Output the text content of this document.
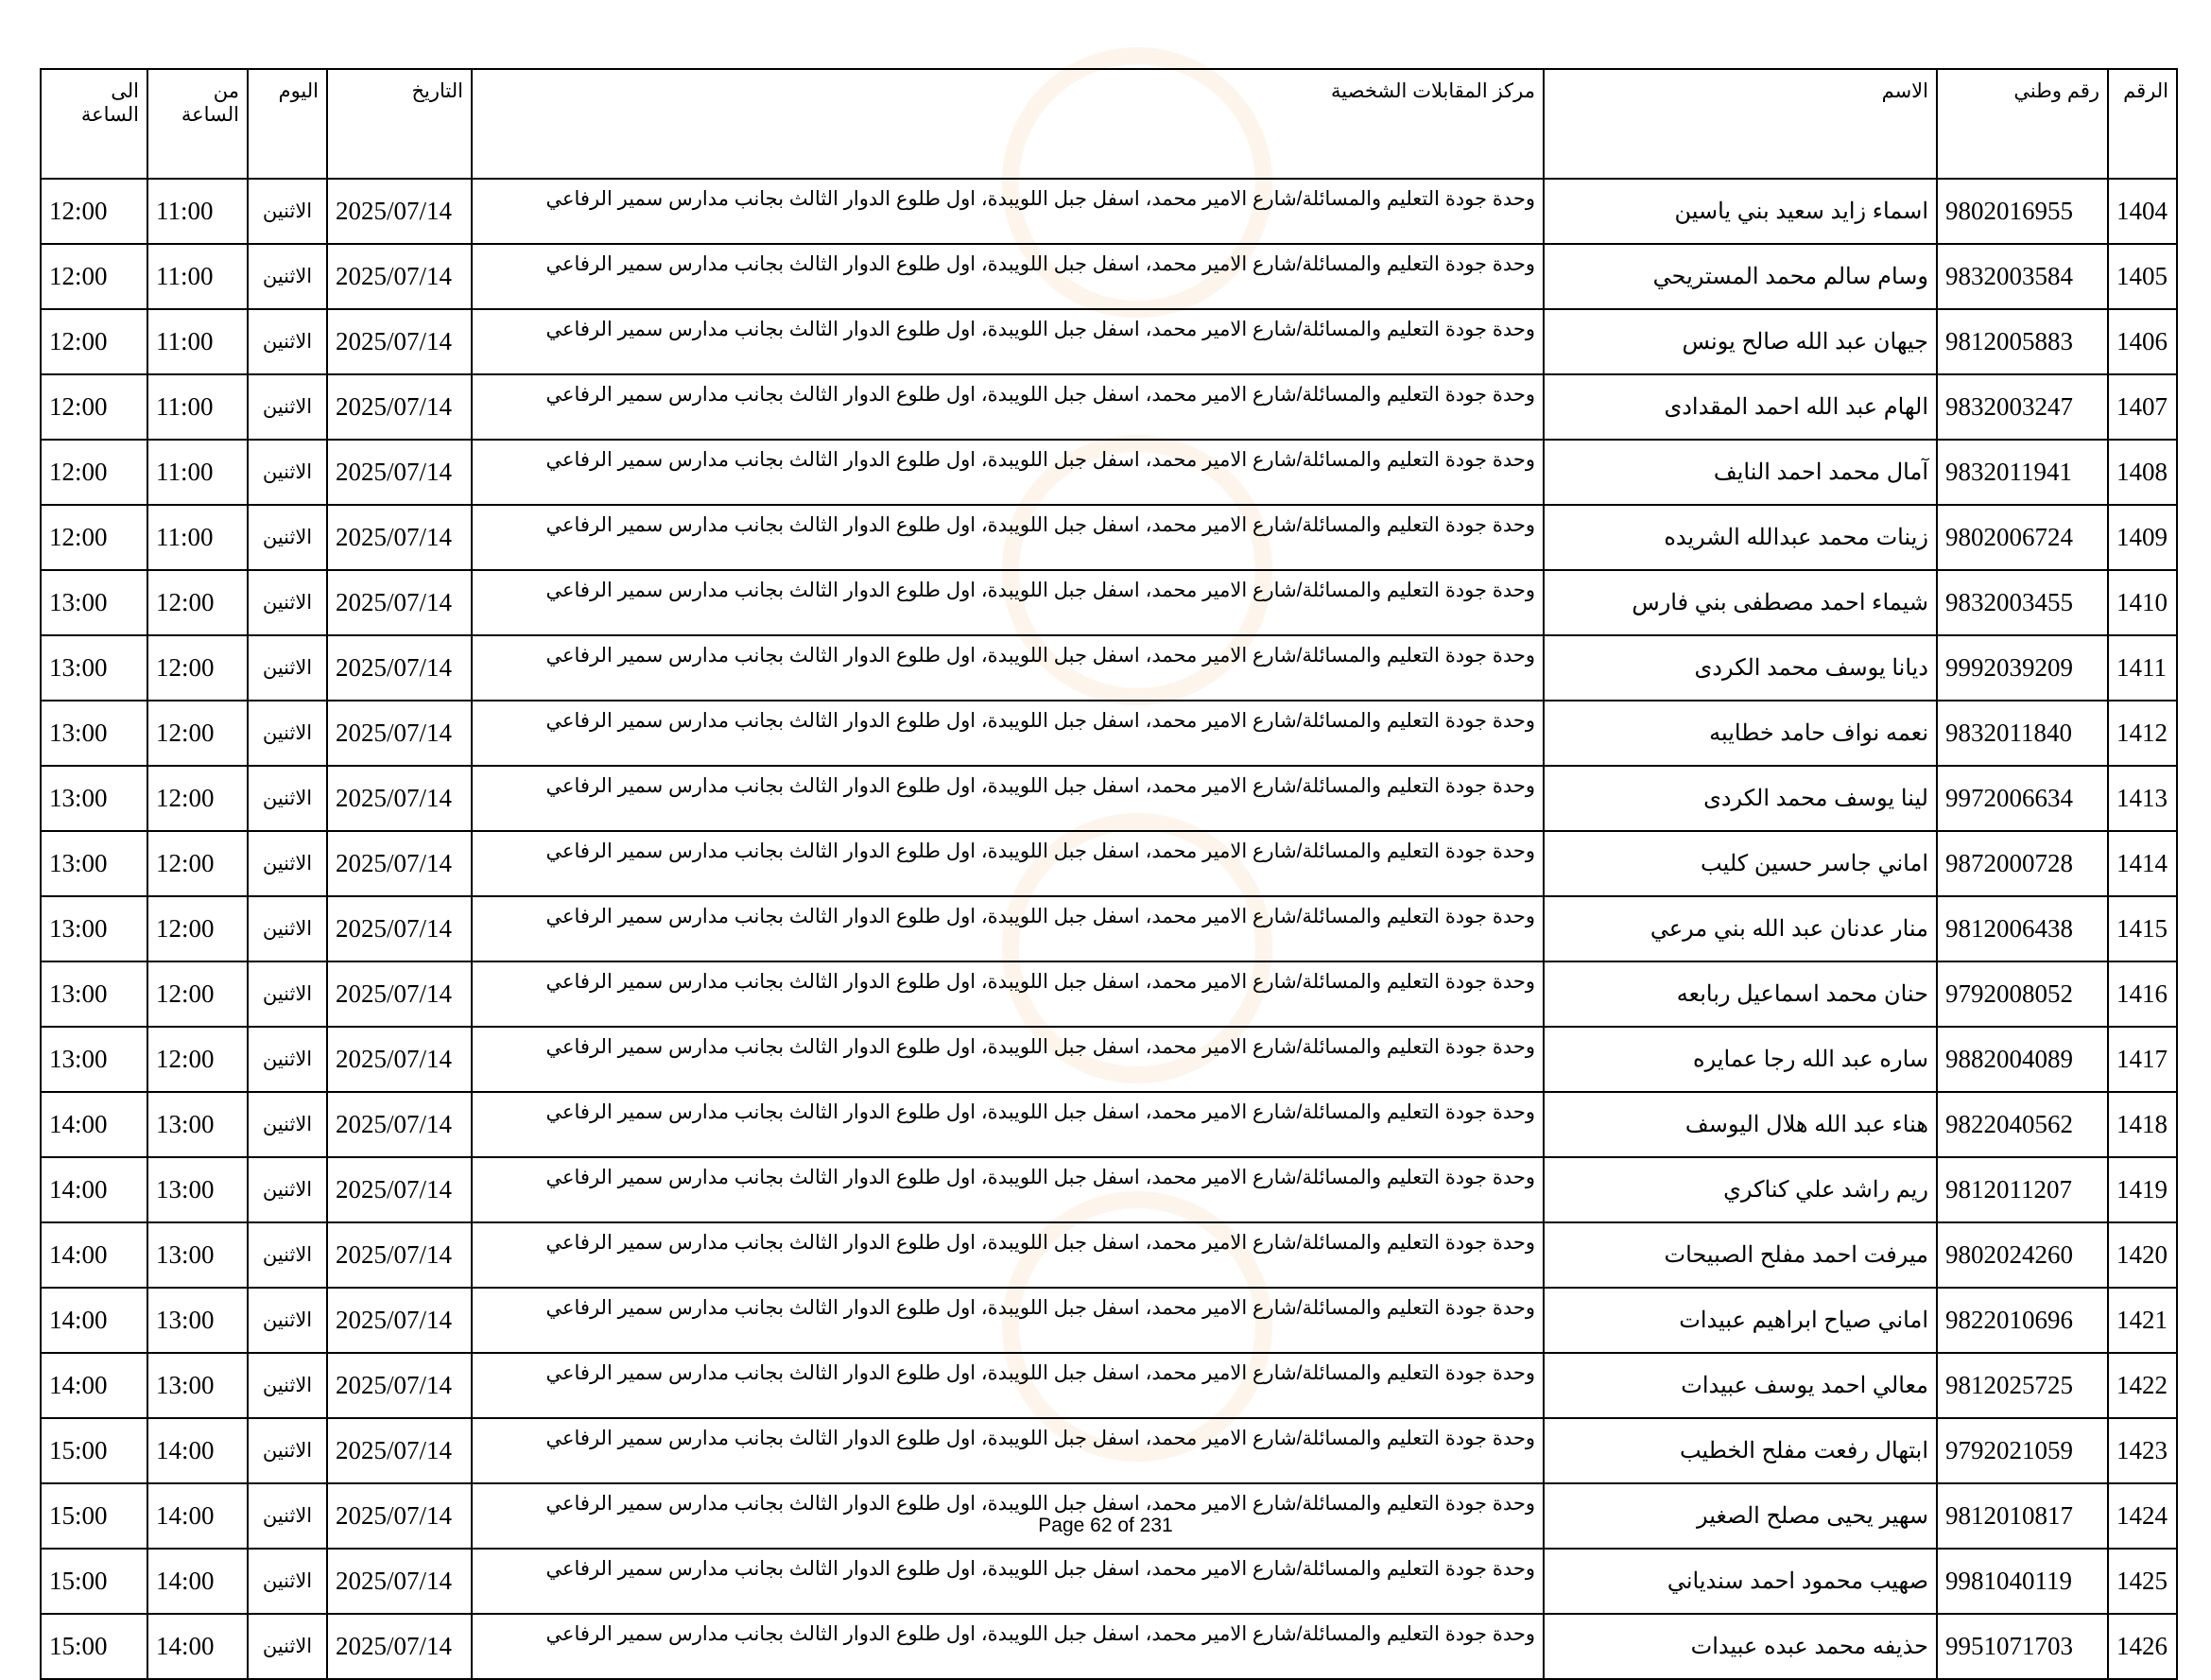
الرقم	رقم وطني	الاسم	مركز المقابلات الشخصية	التاريخ	اليوم	من الساعة	الى الساعة
1404	9802016955	اسماء زايد سعيد بني ياسين	وحدة جودة التعليم والمسائلة/شارع الامير محمد، اسفل جبل اللويبدة، اول طلوع الدوار الثالث بجانب مدارس سمير الرفاعي	2025/07/14	الاثنين	11:00	12:00
1405	9832003584	وسام سالم محمد المستريحي	وحدة جودة التعليم والمسائلة/شارع الامير محمد، اسفل جبل اللويبدة، اول طلوع الدوار الثالث بجانب مدارس سمير الرفاعي	2025/07/14	الاثنين	11:00	12:00
1406	9812005883	جيهان عبد الله صالح يونس	وحدة جودة التعليم والمسائلة/شارع الامير محمد، اسفل جبل اللويبدة، اول طلوع الدوار الثالث بجانب مدارس سمير الرفاعي	2025/07/14	الاثنين	11:00	12:00
1407	9832003247	الهام عبد الله احمد المقدادى	وحدة جودة التعليم والمسائلة/شارع الامير محمد، اسفل جبل اللويبدة، اول طلوع الدوار الثالث بجانب مدارس سمير الرفاعي	2025/07/14	الاثنين	11:00	12:00
1408	9832011941	آمال محمد احمد النايف	وحدة جودة التعليم والمسائلة/شارع الامير محمد، اسفل جبل اللويبدة، اول طلوع الدوار الثالث بجانب مدارس سمير الرفاعي	2025/07/14	الاثنين	11:00	12:00
1409	9802006724	زينات محمد عبدالله الشريده	وحدة جودة التعليم والمسائلة/شارع الامير محمد، اسفل جبل اللويبدة، اول طلوع الدوار الثالث بجانب مدارس سمير الرفاعي	2025/07/14	الاثنين	11:00	12:00
1410	9832003455	شيماء احمد مصطفى بني فارس	وحدة جودة التعليم والمسائلة/شارع الامير محمد، اسفل جبل اللويبدة، اول طلوع الدوار الثالث بجانب مدارس سمير الرفاعي	2025/07/14	الاثنين	12:00	13:00
1411	9992039209	ديانا يوسف محمد الكردى	وحدة جودة التعليم والمسائلة/شارع الامير محمد، اسفل جبل اللويبدة، اول طلوع الدوار الثالث بجانب مدارس سمير الرفاعي	2025/07/14	الاثنين	12:00	13:00
1412	9832011840	نعمه نواف حامد خطايبه	وحدة جودة التعليم والمسائلة/شارع الامير محمد، اسفل جبل اللويبدة، اول طلوع الدوار الثالث بجانب مدارس سمير الرفاعي	2025/07/14	الاثنين	12:00	13:00
1413	9972006634	لينا يوسف محمد الكردى	وحدة جودة التعليم والمسائلة/شارع الامير محمد، اسفل جبل اللويبدة، اول طلوع الدوار الثالث بجانب مدارس سمير الرفاعي	2025/07/14	الاثنين	12:00	13:00
1414	9872000728	اماني جاسر حسين كليب	وحدة جودة التعليم والمسائلة/شارع الامير محمد، اسفل جبل اللويبدة، اول طلوع الدوار الثالث بجانب مدارس سمير الرفاعي	2025/07/14	الاثنين	12:00	13:00
1415	9812006438	منار عدنان عبد الله بني مرعي	وحدة جودة التعليم والمسائلة/شارع الامير محمد، اسفل جبل اللويبدة، اول طلوع الدوار الثالث بجانب مدارس سمير الرفاعي	2025/07/14	الاثنين	12:00	13:00
1416	9792008052	حنان محمد اسماعيل ربابعه	وحدة جودة التعليم والمسائلة/شارع الامير محمد، اسفل جبل اللويبدة، اول طلوع الدوار الثالث بجانب مدارس سمير الرفاعي	2025/07/14	الاثنين	12:00	13:00
1417	9882004089	ساره عبد الله رجا عمايره	وحدة جودة التعليم والمسائلة/شارع الامير محمد، اسفل جبل اللويبدة، اول طلوع الدوار الثالث بجانب مدارس سمير الرفاعي	2025/07/14	الاثنين	12:00	13:00
1418	9822040562	هناء عبد الله هلال اليوسف	وحدة جودة التعليم والمسائلة/شارع الامير محمد، اسفل جبل اللويبدة، اول طلوع الدوار الثالث بجانب مدارس سمير الرفاعي	2025/07/14	الاثنين	13:00	14:00
1419	9812011207	ريم راشد علي كناكري	وحدة جودة التعليم والمسائلة/شارع الامير محمد، اسفل جبل اللويبدة، اول طلوع الدوار الثالث بجانب مدارس سمير الرفاعي	2025/07/14	الاثنين	13:00	14:00
1420	9802024260	ميرفت احمد مفلح الصبيحات	وحدة جودة التعليم والمسائلة/شارع الامير محمد، اسفل جبل اللويبدة، اول طلوع الدوار الثالث بجانب مدارس سمير الرفاعي	2025/07/14	الاثنين	13:00	14:00
1421	9822010696	اماني صياح ابراهيم عبيدات	وحدة جودة التعليم والمسائلة/شارع الامير محمد، اسفل جبل اللويبدة، اول طلوع الدوار الثالث بجانب مدارس سمير الرفاعي	2025/07/14	الاثنين	13:00	14:00
1422	9812025725	معالي احمد يوسف عبيدات	وحدة جودة التعليم والمسائلة/شارع الامير محمد، اسفل جبل اللويبدة، اول طلوع الدوار الثالث بجانب مدارس سمير الرفاعي	2025/07/14	الاثنين	13:00	14:00
1423	9792021059	ابتهال رفعت مفلح الخطيب	وحدة جودة التعليم والمسائلة/شارع الامير محمد، اسفل جبل اللويبدة، اول طلوع الدوار الثالث بجانب مدارس سمير الرفاعي	2025/07/14	الاثنين	14:00	15:00
1424	9812010817	سهير يحيى مصلح الصغير	وحدة جودة التعليم والمسائلة/شارع الامير محمد، اسفل جبل اللويبدة، اول طلوع الدوار الثالث بجانب مدارس سمير الرفاعي	2025/07/14	الاثنين	14:00	15:00
1425	9981040119	صهيب محمود احمد سندياني	وحدة جودة التعليم والمسائلة/شارع الامير محمد، اسفل جبل اللويبدة، اول طلوع الدوار الثالث بجانب مدارس سمير الرفاعي	2025/07/14	الاثنين	14:00	15:00
1426	9951071703	حذيفه محمد عبده عبيدات	وحدة جودة التعليم والمسائلة/شارع الامير محمد، اسفل جبل اللويبدة، اول طلوع الدوار الثالث بجانب مدارس سمير الرفاعي	2025/07/14	الاثنين	14:00	15:00
Page 62 of 231
